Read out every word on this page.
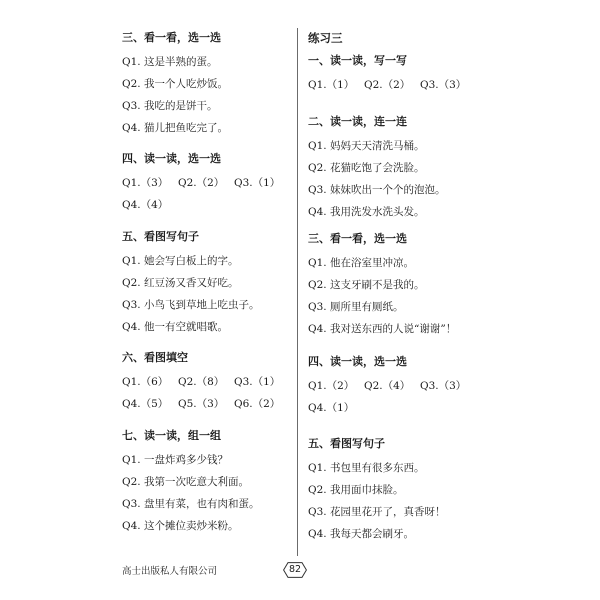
三、看一看，选一选
Q1. 这是半熟的蛋。
Q2. 我一个人吃炒饭。
Q3. 我吃的是饼干。
Q4. 猫儿把鱼吃完了。
四、读一读，选一选
Q1.（3） Q2.（2） Q3.（1）
Q4.（4）
五、看图写句子
Q1. 她会写白板上的字。
Q2. 红豆汤又香又好吃。
Q3. 小鸟飞到草地上吃虫子。
Q4. 他一有空就唱歌。
六、看图填空
Q1.（6） Q2.（8） Q3.（1）
Q4.（5） Q5.（3） Q6.（2）
七、读一读，组一组
Q1. 一盘炸鸡多少钱？
Q2. 我第一次吃意大利面。
Q3. 盘里有菜，也有肉和蛋。
Q4. 这个摊位卖炒米粉。
练习三
一、读一读，写一写
Q1.（1） Q2.（2） Q3.（3）
二、读一读，连一连
Q1. 妈妈天天清洗马桶。
Q2. 花猫吃饱了会洗脸。
Q3. 妹妹吹出一个个的泡泡。
Q4. 我用洗发水洗头发。
三、看一看，选一选
Q1. 他在浴室里冲凉。
Q2. 这支牙刷不是我的。
Q3. 厕所里有厕纸。
Q4. 我对送东西的人说“谢谢”！
四、读一读，选一选
Q1.（2） Q2.（4） Q3.（3）
Q4.（1）
五、看图写句子
Q1. 书包里有很多东西。
Q2. 我用面巾抹脸。
Q3. 花园里花开了，真香呀！
Q4. 我每天都会刷牙。
高士出版私人有限公司	82
